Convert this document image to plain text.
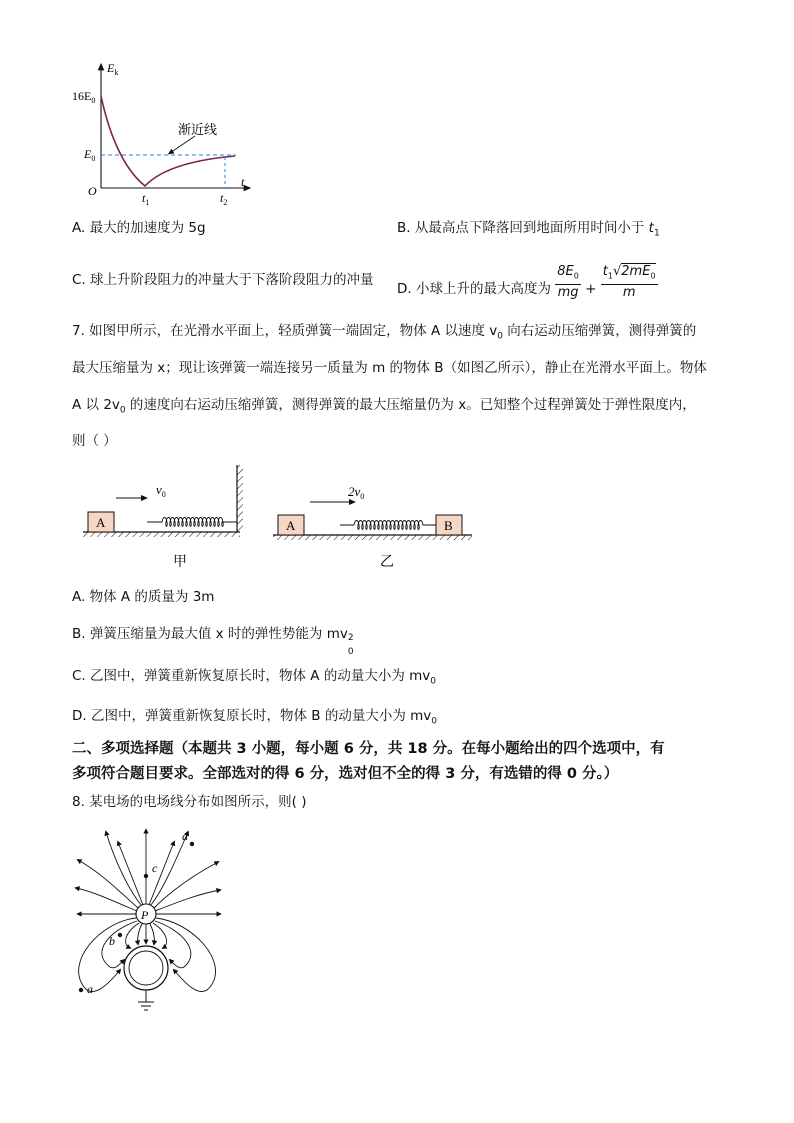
$E_k$
t
$16E_0$
$E_0$
O	$t_1$	$t_2$
渐近线
A. 最大的加速度为 5g	B. 从最高点下降落回到地面所用时间小于 $t_1$
C. 球上升阶段阻力的冲量大于下落阶段阻力的冲量
D. 小球上升的最大高度为 $\frac{8E_0}{mg} + \frac{t_1√2mE_0}{m}$
7. 如图甲所示，在光滑水平面上，轻质弹簧一端固定，物体 A 以速度 $v_0$ 向右运动压缩弹簧，测得弹簧的
最大压缩量为 x；现让该弹簧一端连接另一质量为 m 的物体 B（如图乙所示），静止在光滑水平面上。物体
A 以 $2v_0$ 的速度向右运动压缩弹簧，测得弹簧的最大压缩量仍为 x。已知整个过程弹簧处于弹性限度内，
则（ ）
A
$v_0$
甲
A	B
$2v_0$
乙
A. 物体 A 的质量为 3m
B. 弹簧压缩量为最大值 x 时的弹性势能为 mv 2
0
C. 乙图中，弹簧重新恢复原长时，物体 A 的动量大小为 $mv_0$
D. 乙图中，弹簧重新恢复原长时，物体 B 的动量大小为 $mv_0$
二、多项选择题（本题共 3 小题，每小题 6 分，共 18 分。在每小题给出的四个选项中，有
多项符合题目要求。全部选对的得 6 分，选对但不全的得 3 分，有选错的得 0 分。）
8. 某电场的电场线分布如图所示，则( )
P
a
b
c
d
